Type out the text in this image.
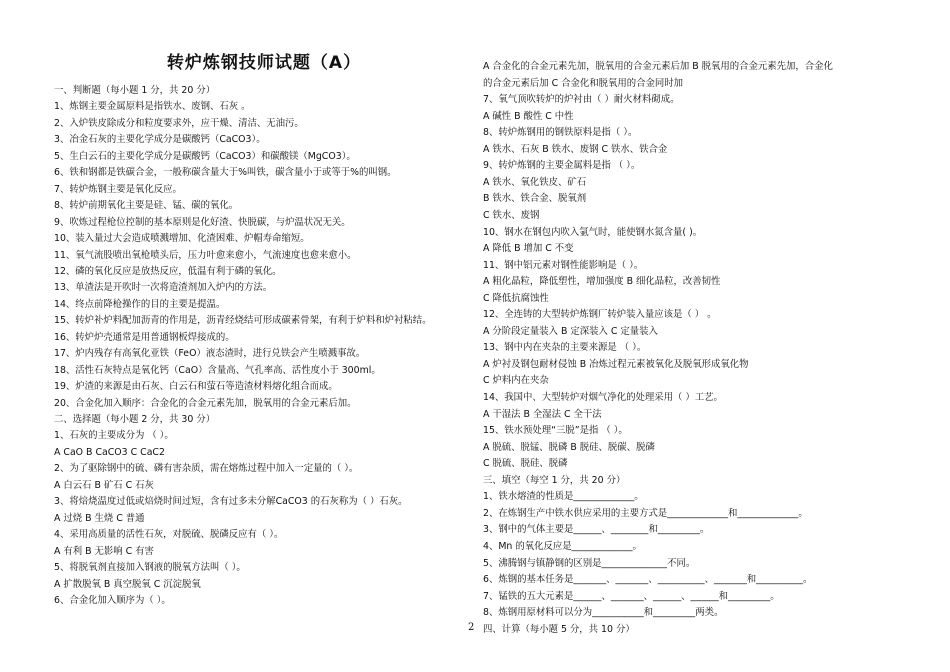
转炉炼钢技师试题（A）
一、判断题（每小题 1 分，共 20 分）
1、炼钢主要金属原料是指铁水、废钢、石灰 。
2、入炉铁皮除成分和粒度要求外，应干燥、清洁、无油污。
3、冶金石灰的主要化学成分是碳酸钙（CaCO3）。
5、生白云石的主要化学成分是碳酸钙（CaCO3）和碳酸镁（MgCO3）。
6、铁和钢都是铁碳合金，一般称碳含量大于%叫铁，碳含量小于或等于%的叫钢。
7、转炉炼钢主要是氧化反应。
8、转炉前期氧化主要是硅、锰、碳的氧化。
9、吹炼过程枪位控制的基本原则是化好渣、快脱碳，与炉温状况无关。
10、装入量过大会造成喷溅增加、化渣困难、炉帽寿命缩短。
11、氧气流股喷出氧枪喷头后，压力叶愈来愈小，气流速度也愈来愈小。
12、磷的氧化反应是放热反应，低温有利于磷的氧化。
13、单渣法是开吹时一次将造渣剂加入炉内的方法。
14、终点前降枪操作的目的主要是提温。
15、转炉补炉料配加沥青的作用是，沥青经烧结可形成碳素骨架，有利于炉料和炉衬粘结。
16、转炉炉壳通常是用普通钢板焊接成的。
17、炉内残存有高氧化亚铁（FeO）液态渣时，进行兑铁会产生喷溅事故。
18、活性石灰特点是氧化钙（CaO）含量高、气孔率高、活性度小于 300ml。
19、炉渣的来源是由石灰、白云石和萤石等造渣材料熔化组合而成。
20、合金化加入顺序：合金化的合金元素先加，脱氧用的合金元素后加。
二、选择题（每小题 2 分，共 30 分）
1、石灰的主要成分为 （ ）。
A CaO B CaCO3 C CaC2
2、为了驱除钢中的硫、磷有害杂质，需在熔炼过程中加入一定量的（ ）。
A 白云石 B 矿石 C 石灰
3、将焙烧温度过低或焙烧时间过短，含有过多未分解CaCO3 的石灰称为（ ）石灰。
A 过烧 B 生烧 C 普通
4、采用高质量的活性石灰，对脱硫、脱磷反应有（ ）。
A 有利 B 无影响 C 有害
5、将脱氧剂直接加入钢液的脱氧方法叫（ ）。
A 扩散脱氧 B 真空脱氧 C 沉淀脱氧
6、合金化加入顺序为（ ）。
A 合金化的合金元素先加，脱氧用的合金元素后加 B 脱氧用的合金元素先加，合金化
的合金元素后加 C 合金化和脱氧用的合金同时加
7、氧气顶吹转炉的炉衬由（ ）耐火材料砌成。
A 碱性 B 酸性 C 中性
8、转炉炼钢用的钢铁原料是指（ ）。
A 铁水、石灰 B 铁水、废钢 C 铁水、铁合金
9、转炉炼钢的主要金属料是指 （ ）。
A 铁水、氧化铁皮、矿石
B 铁水、铁合金、脱氧剂
C 铁水、废钢
10、钢水在钢包内吹入氩气时，能使钢水氮含量( )。
A 降低 B 增加 C 不变
11、钢中铝元素对钢性能影响是（ ）。
A 粗化晶粒，降低塑性，增加强度 B 细化晶粒，改善韧性
C 降低抗腐蚀性
12、全连铸的大型转炉炼钢厂转炉装入量应该是（ ） 。
A 分阶段定量装入 B 定深装入 C 定量装入
13、钢中内在夹杂的主要来源是 （ ）。
A 炉衬及钢包耐材侵蚀 B 冶炼过程元素被氧化及脱氧形成氧化物
C 炉料内在夹杂
14、我国中、大型转炉对烟气净化的处理采用（ ）工艺。
A 干湿法 B 全湿法 C 全干法
15、铁水预处理“三脱”是指 （ ）。
A 脱硫、脱锰、脱磷 B 脱硅、脱碳、脱磷
C 脱硫、脱硅、脱磷
三、填空（每空 1 分，共 20 分）
1、铁水熔渣的性质是_____________。
2、在炼钢生产中铁水供应采用的主要方式是_____________和_____________。
3、钢中的气体主要是______、________和_________。
4、Mn 的氧化反应是_____________。
5、沸腾钢与镇静钢的区别是______________不同。
6、炼钢的基本任务是_______、_______、__________、_______和__________。
7、锰铁的五大元素是______、_______、______、______和_________。
8、炼钢用原材料可以分为___________和_________两类。
四、计算（每小题 5 分，共 10 分）
2
